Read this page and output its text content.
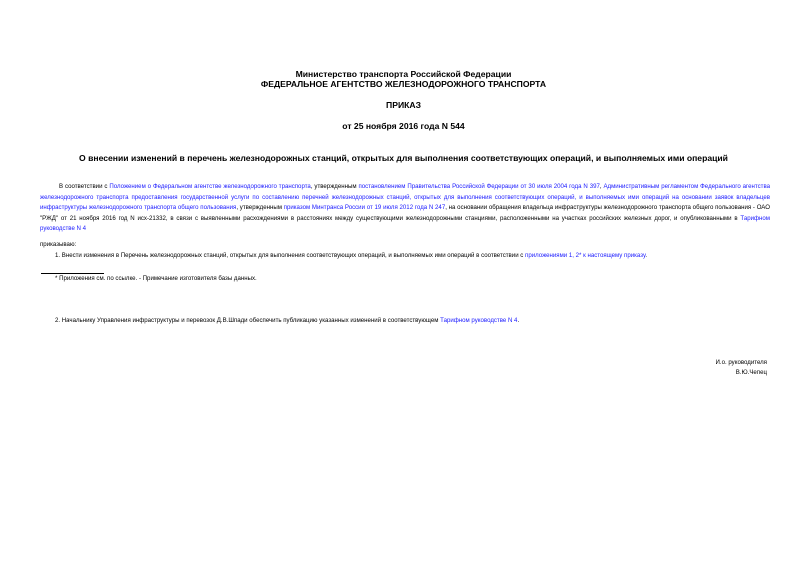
Министерство транспорта Российской Федерации
ФЕДЕРАЛЬНОЕ АГЕНТСТВО ЖЕЛЕЗНОДОРОЖНОГО ТРАНСПОРТА
ПРИКАЗ
от 25 ноября 2016 года N 544
О внесении изменений в перечень железнодорожных станций, открытых для выполнения соответствующих операций, и выполняемых ими операций
В соответствии с Положением о Федеральном агентстве железнодорожного транспорта, утвержденным постановлением Правительства Российской Федерации от 30 июля 2004 года N 397, Административным регламентом Федерального агентства железнодорожного транспорта предоставления государственной услуги по составлению перечней железнодорожных станций, открытых для выполнения соответствующих операций, и выполняемых ими операций на основании заявок владельцев инфраструктуры железнодорожного транспорта общего пользования, утвержденным приказом Минтранса России от 19 июля 2012 года N 247, на основании обращения владельца инфраструктуры железнодорожного транспорта общего пользования - ОАО "РЖД" от 21 ноября 2016 год N исх-21332, в связи с выявленными расхождениями в расстояниях между существующими железнодорожными станциями, расположенными на участках российских железных дорог, и опубликованными в Тарифном руководстве N 4
приказываю:
1. Внести изменения в Перечень железнодорожных станций, открытых для выполнения соответствующих операций, и выполняемых ими операций в соответствии с приложениями 1, 2* к настоящему приказу.
* Приложения см. по ссылке. - Примечание изготовителя базы данных.
2. Начальнику Управления инфраструктуры и перевозок Д.В.Шпади обеспечить публикацию указанных изменений в соответствующем Тарифном руководстве N 4.
И.о. руководителя
В.Ю.Чепец
